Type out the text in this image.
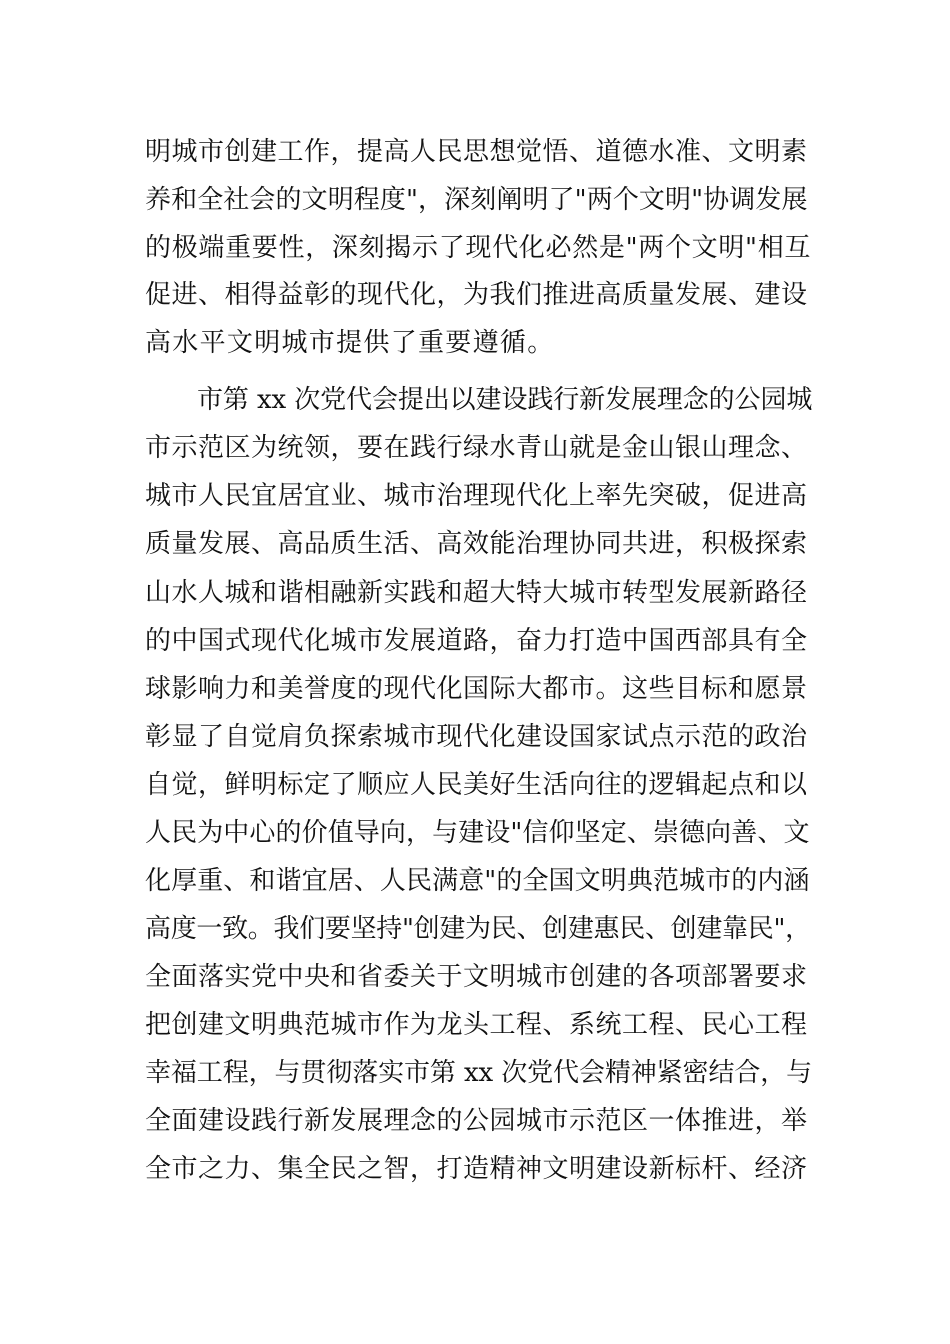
明城市创建工作，提高人民思想觉悟、道德水准、文明素
养和全社会的文明程度"，深刻阐明了"两个文明"协调发展
的极端重要性，深刻揭示了现代化必然是"两个文明"相互
促进、相得益彰的现代化，为我们推进高质量发展、建设
高水平文明城市提供了重要遵循。
市第 xx 次党代会提出以建设践行新发展理念的公园城
市示范区为统领，要在践行绿水青山就是金山银山理念、
城市人民宜居宜业、城市治理现代化上率先突破，促进高
质量发展、高品质生活、高效能治理协同共进，积极探索
山水人城和谐相融新实践和超大特大城市转型发展新路径
的中国式现代化城市发展道路，奋力打造中国西部具有全
球影响力和美誉度的现代化国际大都市。这些目标和愿景
彰显了自觉肩负探索城市现代化建设国家试点示范的政治
自觉，鲜明标定了顺应人民美好生活向往的逻辑起点和以
人民为中心的价值导向，与建设"信仰坚定、崇德向善、文
化厚重、和谐宜居、人民满意"的全国文明典范城市的内涵
高度一致。我们要坚持"创建为民、创建惠民、创建靠民"，
全面落实党中央和省委关于文明城市创建的各项部署要求
把创建文明典范城市作为龙头工程、系统工程、民心工程
幸福工程，与贯彻落实市第 xx 次党代会精神紧密结合，与
全面建设践行新发展理念的公园城市示范区一体推进，举
全市之力、集全民之智，打造精神文明建设新标杆、经济
